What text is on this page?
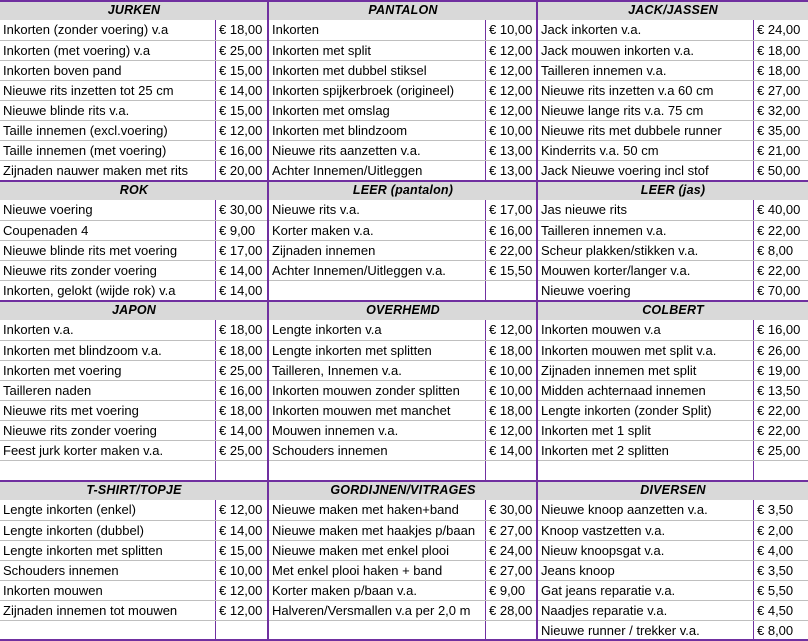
JURKEN
Inkorten (zonder voering) v.a	€ 18,00
Inkorten (met voering) v.a	€ 25,00
Inkorten boven pand	€ 15,00
Nieuwe rits inzetten tot 25 cm	€ 14,00
Nieuwe blinde rits v.a.	€ 15,00
Taille innemen (excl.voering)	€ 12,00
Taille innemen (met voering)	€ 16,00
Zijnaden nauwer maken met rits	€ 20,00
PANTALON
Inkorten	€ 10,00
Inkorten met split	€ 12,00
Inkorten met dubbel stiksel	€ 12,00
Inkorten spijkerbroek (origineel)	€ 12,00
Inkorten met omslag	€ 12,00
Inkorten met blindzoom	€ 10,00
Nieuwe rits aanzetten v.a.	€ 13,00
Achter Innemen/Uitleggen	€ 13,00
JACK/JASSEN
Jack inkorten v.a.	€ 24,00
Jack mouwen inkorten v.a.	€ 18,00
Tailleren innemen v.a.	€ 18,00
Nieuwe rits inzetten v.a 60 cm	€ 27,00
Nieuwe lange rits v.a. 75 cm	€ 32,00
Nieuwe rits met dubbele runner	€ 35,00
Kinderrits v.a. 50 cm	€ 21,00
Jack Nieuwe voering incl stof	€ 50,00
ROK
Nieuwe voering	€ 30,00
Coupenaden 4	€ 9,00
Nieuwe blinde rits met voering	€ 17,00
Nieuwe rits zonder voering	€ 14,00
Inkorten, gelokt (wijde rok) v.a	€ 14,00
LEER (pantalon)
Nieuwe rits v.a.	€ 17,00
Korter maken v.a.	€ 16,00
Zijnaden innemen	€ 22,00
Achter Innemen/Uitleggen v.a.	€ 15,50
LEER (jas)
Jas nieuwe rits	€ 40,00
Tailleren innemen v.a.	€ 22,00
Scheur plakken/stikken v.a.	€ 8,00
Mouwen korter/langer v.a.	€ 22,00
Nieuwe voering	€ 70,00
JAPON
Inkorten v.a.	€ 18,00
Inkorten met blindzoom v.a.	€ 18,00
Inkorten met voering	€ 25,00
Tailleren naden	€ 16,00
Nieuwe rits met voering	€ 18,00
Nieuwe rits zonder voering	€ 14,00
Feest jurk korter maken v.a.	€ 25,00
OVERHEMD
Lengte inkorten v.a	€ 12,00
Lengte inkorten met splitten	€ 18,00
Tailleren, Innemen v.a.	€ 10,00
Inkorten mouwen zonder splitten	€ 10,00
Inkorten mouwen met manchet	€ 18,00
Mouwen innemen v.a.	€ 12,00
Schouders innemen	€ 14,00
COLBERT
Inkorten mouwen v.a	€ 16,00
Inkorten mouwen met split v.a.	€ 26,00
Zijnaden innemen met split	€ 19,00
Midden achternaad innemen	€ 13,50
Lengte inkorten (zonder Split)	€ 22,00
Inkorten met 1 split	€ 22,00
Inkorten met 2 splitten	€ 25,00
T-SHIRT/TOPJE
Lengte inkorten (enkel)	€ 12,00
Lengte inkorten (dubbel)	€ 14,00
Lengte inkorten met splitten	€ 15,00
Schouders innemen	€ 10,00
Inkorten mouwen	€ 12,00
Zijnaden innemen tot mouwen	€ 12,00
GORDIJNEN/VITRAGES
Nieuwe maken met haken+band	€ 30,00
Nieuwe maken met haakjes p/baan	€ 27,00
Nieuwe maken met enkel plooi	€ 24,00
Met enkel plooi haken + band	€ 27,00
Korter maken p/baan v.a.	€ 9,00
Halveren/Versmallen v.a per 2,0 m	€ 28,00
DIVERSEN
Nieuwe knoop aanzetten v.a.	€ 3,50
Knoop vastzetten v.a.	€ 2,00
Nieuw knoopsgat v.a.	€ 4,00
Jeans knoop	€ 3,50
Gat jeans reparatie v.a.	€ 5,50
Naadjes reparatie v.a.	€ 4,50
Nieuwe runner / trekker v.a.	€ 8,00
